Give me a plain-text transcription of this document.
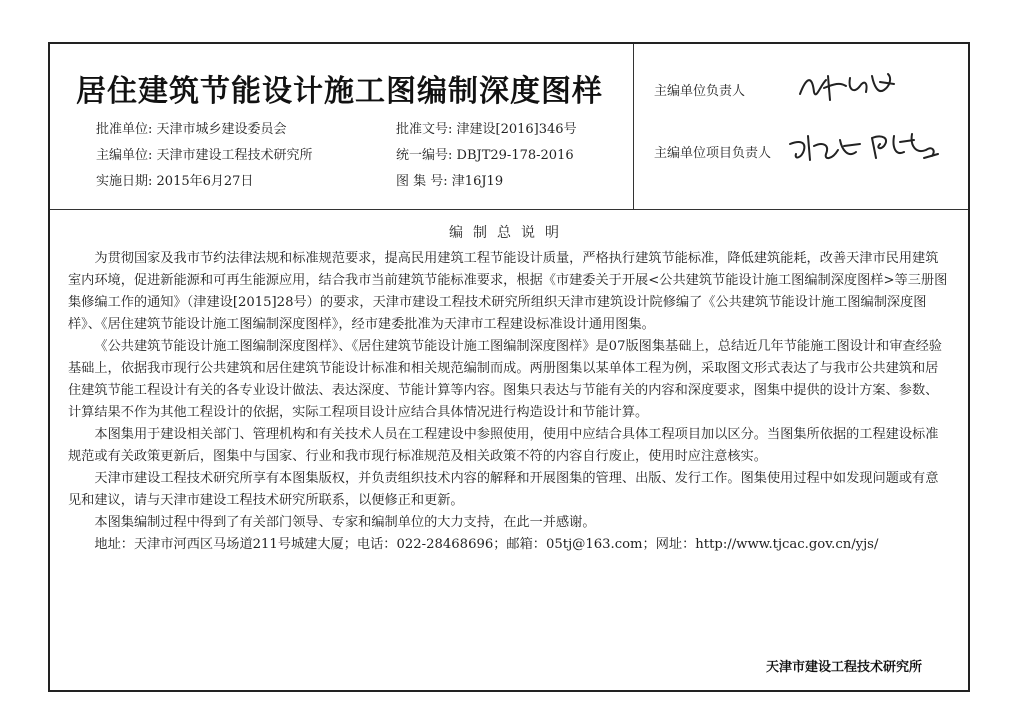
居住建筑节能设计施工图编制深度图样
批准单位: 天津市城乡建设委员会
主编单位: 天津市建设工程技术研究所
实施日期: 2015年6月27日
批准文号: 津建设[2016]346号
统一编号: DBJT29-178-2016
图 集 号: 津16J19
主编单位负责人
主编单位项目负责人
编制总说明

为贯彻国家及我市节约法律法规和标准规范要求，提高民用建筑工程节能设计质量，严格执行建筑节能标准，降低建筑能耗，改善天津市民用建筑室内环境，促进新能源和可再生能源应用，结合我市当前建筑节能标准要求，根据《市建委关于开展<公共建筑节能设计施工图编制深度图样>等三册图集修编工作的通知》（津建设[2015]28号）的要求，天津市建设工程技术研究所组织天津市建筑设计院修编了《公共建筑节能设计施工图编制深度图样》、《居住建筑节能设计施工图编制深度图样》，经市建委批准为天津市工程建设标准设计通用图集。

《公共建筑节能设计施工图编制深度图样》、《居住建筑节能设计施工图编制深度图样》是07版图集基础上，总结近几年节能施工图设计和审查经验基础上，依据我市现行公共建筑和居住建筑节能设计标准和相关规范编制而成。两册图集以某单体工程为例，采取图文形式表达了与我市公共建筑和居住建筑节能工程设计有关的各专业设计做法、表达深度、节能计算等内容。图集只表达与节能有关的内容和深度要求，图集中提供的设计方案、参数、计算结果不作为其他工程设计的依据，实际工程项目设计应结合具体情况进行构造设计和节能计算。

本图集用于建设相关部门、管理机构和有关技术人员在工程建设中参照使用，使用中应结合具体工程项目加以区分。当图集所依据的工程建设标准规范或有关政策更新后，图集中与国家、行业和我市现行标准规范及相关政策不符的内容自行废止，使用时应注意核实。

天津市建设工程技术研究所享有本图集版权，并负责组织技术内容的解释和开展图集的管理、出版、发行工作。图集使用过程中如发现问题或有意见和建议，请与天津市建设工程技术研究所联系，以便修正和更新。

本图集编制过程中得到了有关部门领导、专家和编制单位的大力支持，在此一并感谢。

地址：天津市河西区马场道211号城建大厦；电话：022-28468696；邮箱：05tj@163.com；网址：http://www.tjcac.gov.cn/yjs/

天津市建设工程技术研究所
